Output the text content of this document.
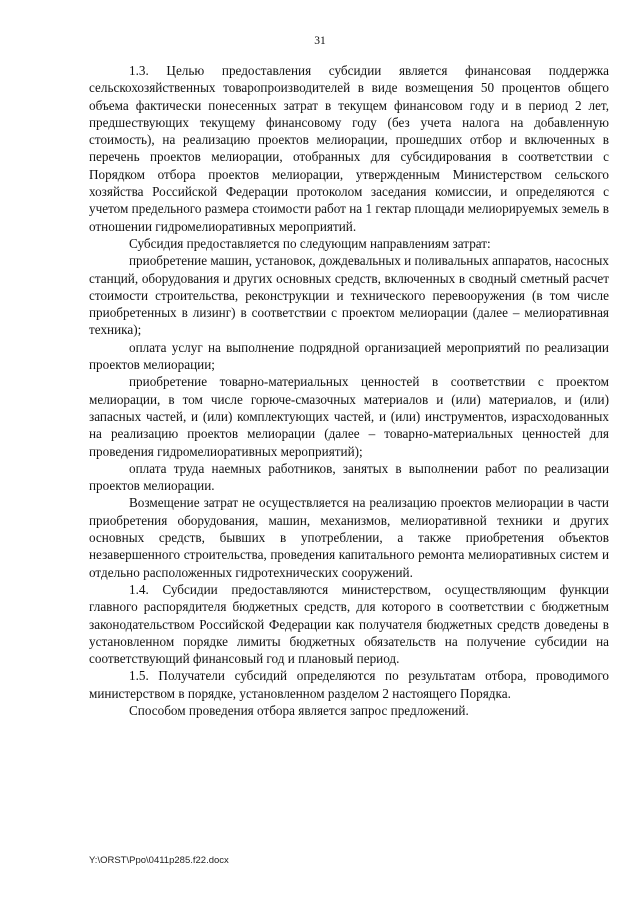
31

1.3. Целью предоставления субсидии является финансовая поддержка сельскохозяйственных товаропроизводителей в виде возмещения 50 процентов общего объема фактически понесенных затрат в текущем финансовом году и в период 2 лет, предшествующих текущему финансовому году (без учета налога на добавленную стоимость), на реализацию проектов мелиорации, прошедших отбор и включенных в перечень проектов мелиорации, отобранных для субсидирования в соответствии с Порядком отбора проектов мелиорации, утвержденным Министерством сельского хозяйства Российской Федерации протоколом заседания комиссии, и определяются с учетом предельного размера стоимости работ на 1 гектар площади мелиорируемых земель в отношении гидромелиоративных мероприятий.

Субсидия предоставляется по следующим направлениям затрат:

приобретение машин, установок, дождевальных и поливальных аппаратов, насосных станций, оборудования и других основных средств, включенных в сводный сметный расчет стоимости строительства, реконструкции и технического перевооружения (в том числе приобретенных в лизинг) в соответствии с проектом мелиорации (далее – мелиоративная техника);

оплата услуг на выполнение подрядной организацией мероприятий по реализации проектов мелиорации;

приобретение товарно-материальных ценностей в соответствии с проектом мелиорации, в том числе горюче-смазочных материалов и (или) материалов, и (или) запасных частей, и (или) комплектующих частей, и (или) инструментов, израсходованных на реализацию проектов мелиорации (далее – товарно-материальных ценностей для проведения гидромелиоративных мероприятий);

оплата труда наемных работников, занятых в выполнении работ по реализации проектов мелиорации.

Возмещение затрат не осуществляется на реализацию проектов мелиорации в части приобретения оборудования, машин, механизмов, мелиоративной техники и других основных средств, бывших в употреблении, а также приобретения объектов незавершенного строительства, проведения капитального ремонта мелиоративных систем и отдельно расположенных гидротехнических сооружений.

1.4. Субсидии предоставляются министерством, осуществляющим функции главного распорядителя бюджетных средств, для которого в соответствии с бюджетным законодательством Российской Федерации как получателя бюджетных средств доведены в установленном порядке лимиты бюджетных обязательств на получение субсидии на соответствующий финансовый год и плановый период.

1.5. Получатели субсидий определяются по результатам отбора, проводимого министерством в порядке, установленном разделом 2 настоящего Порядка.

Способом проведения отбора является запрос предложений.

Y:\ORST\Ppo\0411p285.f22.docx
